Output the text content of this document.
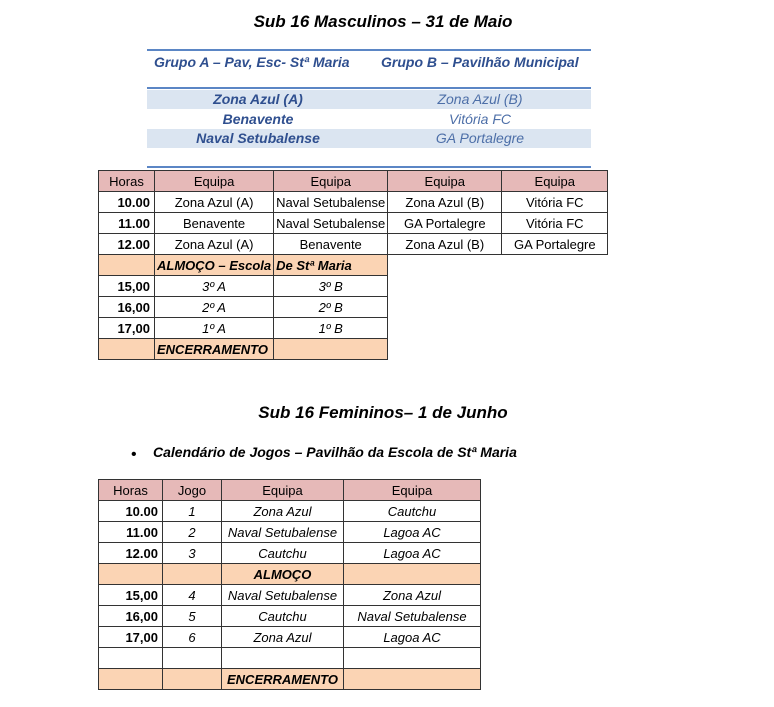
Sub 16 Masculinos – 31 de Maio
Grupo A – Pav, Esc- Stª Maria Grupo B – Pavilhão Municipal
Zona Azul (A)	Zona Azul (B)
Benavente	Vitória FC
Naval Setubalense	GA Portalegre
Horas	Equipa	Equipa	Equipa	Equipa
10.00	Zona Azul (A)	Naval Setubalense	Zona Azul (B)	Vitória FC
11.00	Benavente	Naval Setubalense	GA Portalegre	Vitória FC
12.00	Zona Azul (A)	Benavente	Zona Azul (B)	GA Portalegre
	ALMOÇO – Escola	De Stª Maria		
15,00	3º A	3º B		
16,00	2º A	2º B		
17,00	1º A	1º B		
	ENCERRAMENTO			
Sub 16 Femininos– 1 de Junho
• Calendário de Jogos – Pavilhão da Escola de Stª Maria
Horas	Jogo	Equipa	Equipa
10.00	1	Zona Azul	Cautchu
11.00	2	Naval Setubalense	Lagoa AC
12.00	3	Cautchu	Lagoa AC
		ALMOÇO	
15,00	4	Naval Setubalense	Zona Azul
16,00	5	Cautchu	Naval Setubalense
17,00	6	Zona Azul	Lagoa AC

		ENCERRAMENTO	
